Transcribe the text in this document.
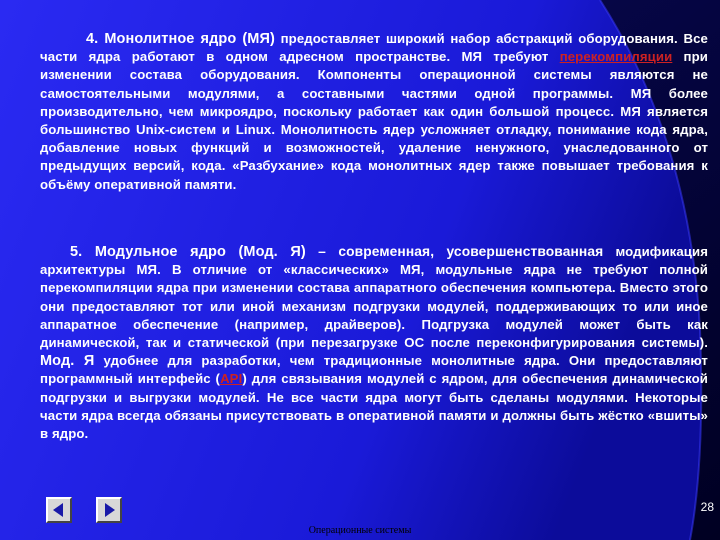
4. Монолитное ядро (МЯ) предоставляет широкий набор абстракций оборудования. Все части ядра работают в одном адресном пространстве. МЯ требуют перекомпиляции при изменении состава оборудования. Компоненты операционной системы являются не самостоятельными модулями, а составными частями одной программы. МЯ более производительно, чем микроядро, поскольку работает как один большой процесс. МЯ является большинство Unix-систем и Linux. Монолитность ядер усложняет отладку, понимание кода ядра, добавление новых функций и возможностей, удаление ненужного, унаследованного от предыдущих версий, кода. «Разбухание» кода монолитных ядер также повышает требования к объёму оперативной памяти.
5. Модульное ядро (Мод. Я) – современная, усовершенствованная модификация архитектуры МЯ. В отличие от «классических» МЯ, модульные ядра не требуют полной перекомпиляции ядра при изменении состава аппаратного обеспечения компьютера. Вместо этого они предоставляют тот или иной механизм подгрузки модулей, поддерживающих то или иное аппаратное обеспечение (например, драйверов). Подгрузка модулей может быть как динамической, так и статической (при перезагрузке ОС после переконфигурирования системы). Мод. Я удобнее для разработки, чем традиционные монолитные ядра. Они предоставляют программный интерфейс (API) для связывания модулей с ядром, для обеспечения динамической подгрузки и выгрузки модулей. Не все части ядра могут быть сделаны модулями. Некоторые части ядра всегда обязаны присутствовать в оперативной памяти и должны быть жёстко «вшиты» в ядро.
28
Операционные системы
